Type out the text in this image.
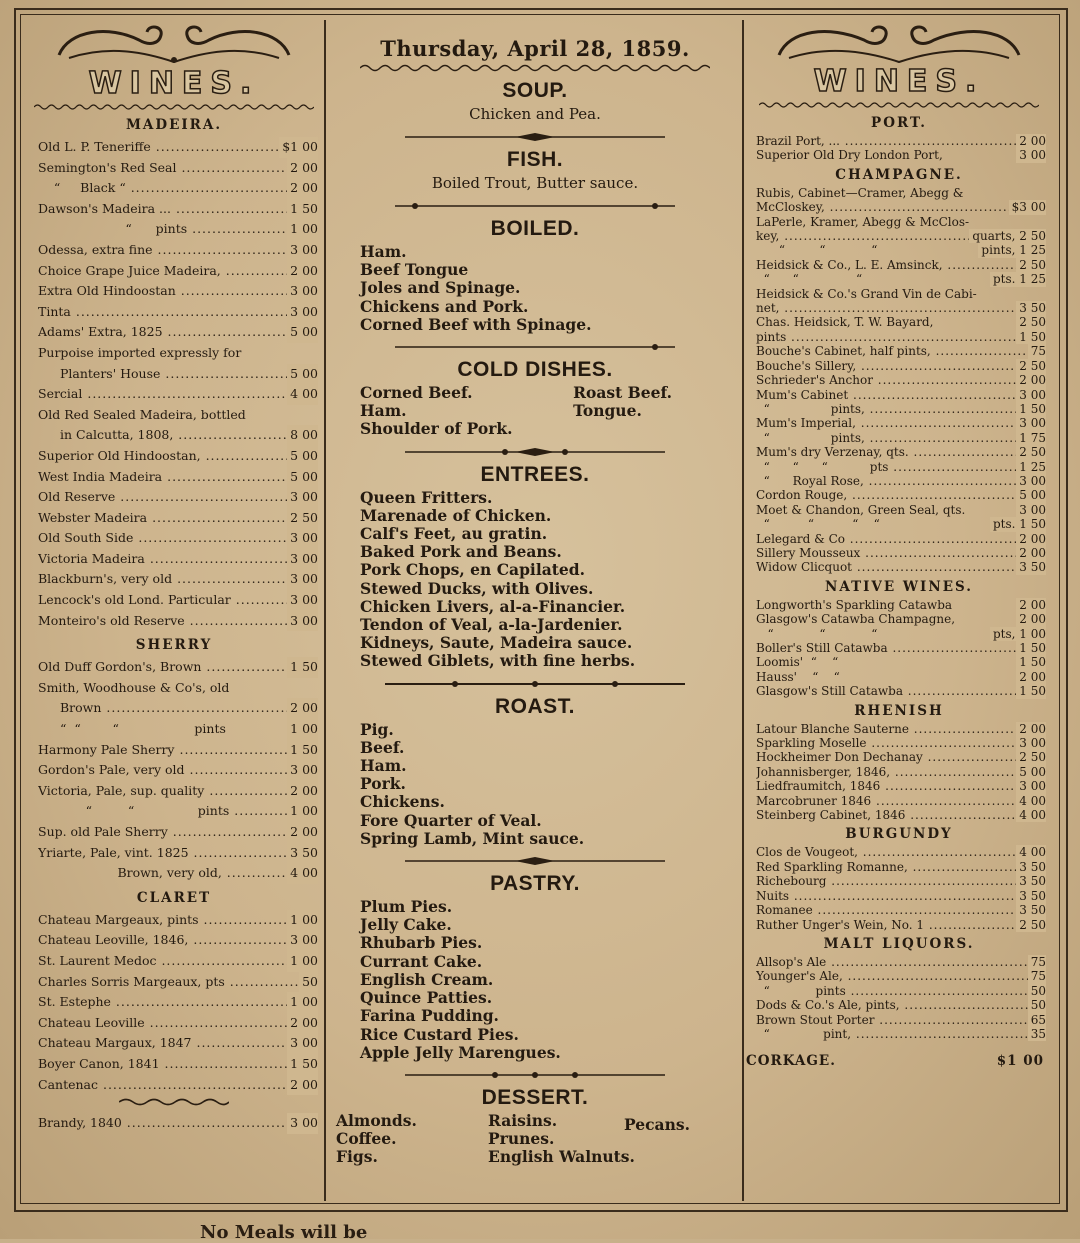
WINES.
MADEIRA.
Old L. P. Teneriffe .....	$1 00
Semington's Red Seal .....	2 00
“     Black “ .....	2 00
Dawson's Madeira ... .....	1 50
“      pints .....	1 00
Odessa, extra fine .....	3 00
Choice Grape Juice Madeira, .....	2 00
Extra Old Hindoostan .....	3 00
Tinta .....	3 00
Adams' Extra, 1825 .....	5 00
Purpoise imported expressly for
Planters' House .....	5 00
Sercial .....	4 00
Old Red Sealed Madeira, bottled
in Calcutta, 1808, .....	8 00
Superior Old Hindoostan, .....	5 00
West India Madeira .....	5 00
Old Reserve .....	3 00
Webster Madeira .....	2 50
Old South Side .....	3 00
Victoria Madeira .....	3 00
Blackburn's, very old .....	3 00
Lencock's old Lond. Particular .....	3 00
Monteiro's old Reserve .....	3 00
SHERRY
Old Duff Gordon's, Brown .....	1 50
Smith, Woodhouse & Co's, old
Brown .....	2 00
“  “        “                   pints	1 00
Harmony Pale Sherry .....	1 50
Gordon's Pale, very old .....	3 00
Victoria, Pale, sup. quality .....	2 00
“         “                pints .....	1 00
Sup. old Pale Sherry .....	2 00
Yriarte, Pale, vint. 1825 .....	3 50
Brown, very old, .....	4 00
CLARET
Chateau Margeaux, pints .....	1 00
Chateau Leoville, 1846, .....	3 00
St. Laurent Medoc .....	1 00
Charles Sorris Margeaux, pts .....	50
St. Estephe .....	1 00
Chateau Leoville .....	2 00
Chateau Margaux, 1847 .....	3 00
Boyer Canon, 1841 .....	1 50
Cantenac .....	2 00
Brandy, 1840 .....	3 00
Thursday, April 28, 1859.
SOUP.
Chicken and Pea.
FISH.
Boiled Trout, Butter sauce.
BOILED.
Ham.
Beef Tongue
Joles and Spinage.
Chickens and Pork.
Corned Beef with Spinage.
COLD DISHES.
Corned Beef.
Ham.
Shoulder of Pork.
Roast Beef.
Tongue.
ENTREES.
Queen Fritters.
Marenade of Chicken.
Calf's Feet, au gratin.
Baked Pork and Beans.
Pork Chops, en Capilated.
Stewed Ducks, with Olives.
Chicken Livers, al-a-Financier.
Tendon of Veal, a-la-Jardenier.
Kidneys, Saute, Madeira sauce.
Stewed Giblets, with fine herbs.
ROAST.
Pig.
Beef.
Ham.
Pork.
Chickens.
Fore Quarter of Veal.
Spring Lamb, Mint sauce.
PASTRY.
Plum Pies.
Jelly Cake.
Rhubarb Pies.
Currant Cake.
English Cream.
Quince Patties.
Farina Pudding.
Rice Custard Pies.
Apple Jelly Marengues.
DESSERT.
Almonds.
Coffee.
Figs.
Raisins.
Prunes.
English Walnuts.
Pecans.
WINES.
PORT.
Brazil Port, ... .....	2 00
Superior Old Dry London Port,	3 00
CHAMPAGNE.
Rubis, Cabinet—Cramer, Abegg &
McCloskey, .....	$3 00
LaPerle, Kramer, Abegg & McClos-
key, .....	quarts, 2 50
“         “            “	pints, 1 25
Heidsick & Co., L. E. Amsinck, .....	2 50
“      “               “	pts. 1 25
Heidsick & Co.'s Grand Vin de Cabi-
net, .....	3 50
Chas. Heidsick, T. W. Bayard,	2 50
pints .....	1 50
Bouche's Cabinet, half pints, .....	75
Bouche's Sillery, .....	2 50
Schrieder's Anchor .....	2 00
Mum's Cabinet .....	3 00
“                pints, .....	1 50
Mum's Imperial, .....	3 00
“                pints, .....	1 75
Mum's dry Verzenay, qts. .....	2 50
“      “      “           pts .....	1 25
“      Royal Rose, .....	3 00
Cordon Rouge, .....	5 00
Moet & Chandon, Green Seal, qts.	3 00
“          “          “    “	pts. 1 50
Lelegard & Co .....	2 00
Sillery Mousseux .....	2 00
Widow Clicquot .....	3 50
NATIVE WINES.
Longworth's Sparkling Catawba	2 00
Glasgow's Catawba Champagne,	2 00
“            “            “	pts, 1 00
Boller's Still Catawba .....	1 50
Loomis'  “    “	1 50
Hauss'    “    “	2 00
Glasgow's Still Catawba .....	1 50
RHENISH
Latour Blanche Sauterne .....	2 00
Sparkling Moselle .....	3 00
Hockheimer Don Dechanay .....	2 50
Johannisberger, 1846, .....	5 00
Liedfraumitch, 1846 .....	3 00
Marcobruner 1846 .....	4 00
Steinberg Cabinet, 1846 .....	4 00
BURGUNDY
Clos de Vougeot, .....	4 00
Red Sparkling Romanne, .....	3 50
Richebourg .....	3 50
Nuits .....	3 50
Romanee .....	3 50
Ruther Unger's Wein, No. 1 .....	2 50
MALT LIQUORS.
Allsop's Ale .....	75
Younger's Ale, .....	75
“            pints .....	50
Dods & Co.'s Ale, pints, .....	50
Brown Stout Porter .....	65
“              pint, .....	35
CORKAGE.	$1 00
No Meals will be
